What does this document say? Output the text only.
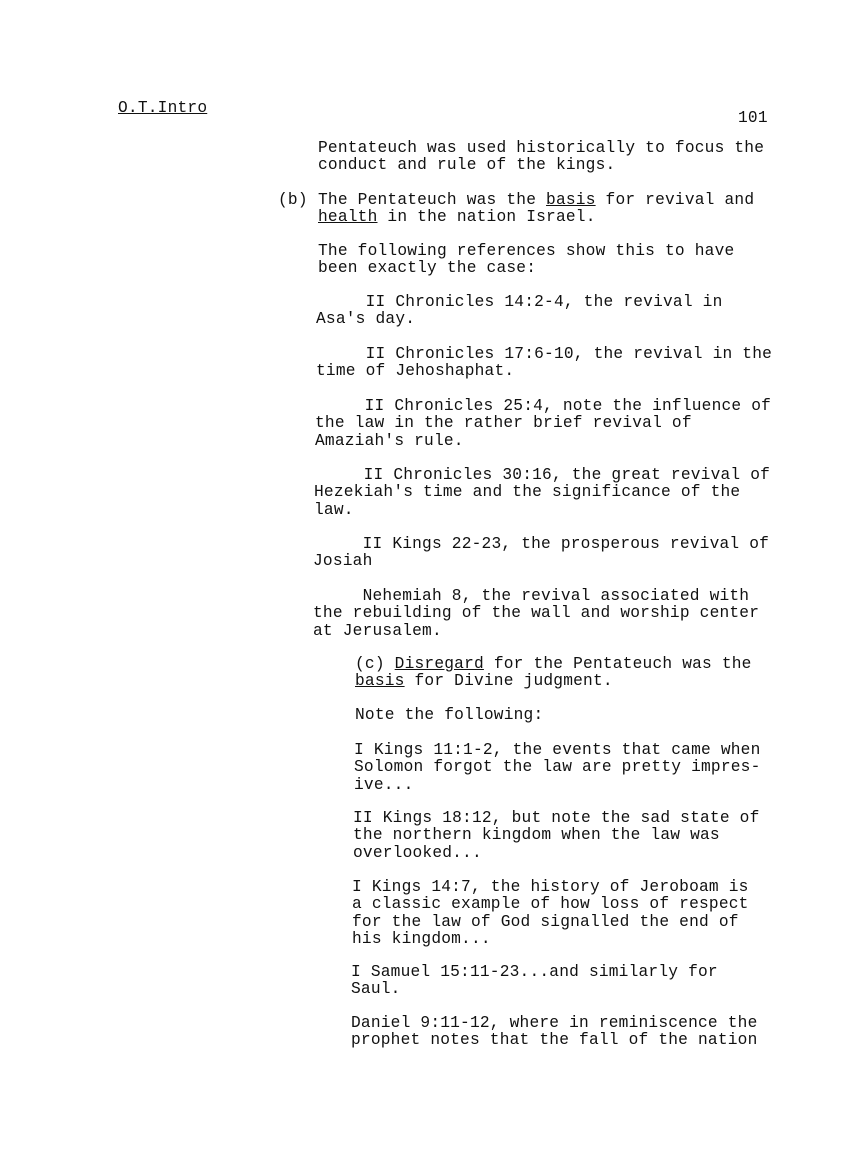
O.T.Intro
101
Pentateuch was used historically to focus the
conduct and rule of the kings.
(b) The Pentateuch was the basis for revival and
health in the nation Israel.
The following references show this to have
been exactly the case:
II Chronicles 14:2-4, the revival in
Asa's day.
II Chronicles 17:6-10, the revival in the
time of Jehoshaphat.
II Chronicles 25:4, note the influence of
the law in the rather brief revival of
Amaziah's rule.
II Chronicles 30:16, the great revival of
Hezekiah's time and the significance of the
law.
II Kings 22-23, the prosperous revival of
Josiah
Nehemiah 8, the revival associated with
the rebuilding of the wall and worship center
at Jerusalem.
(c) Disregard for the Pentateuch was the
basis for Divine judgment.
Note the following:
I Kings 11:1-2, the events that came when
Solomon forgot the law are pretty impres-
ive...
II Kings 18:12, but note the sad state of
the northern kingdom when the law was
overlooked...
I Kings 14:7, the history of Jeroboam is
a classic example of how loss of respect
for the law of God signalled the end of
his kingdom...
I Samuel 15:11-23...and similarly for
Saul.
Daniel 9:11-12, where in reminiscence the
prophet notes that the fall of the nation
